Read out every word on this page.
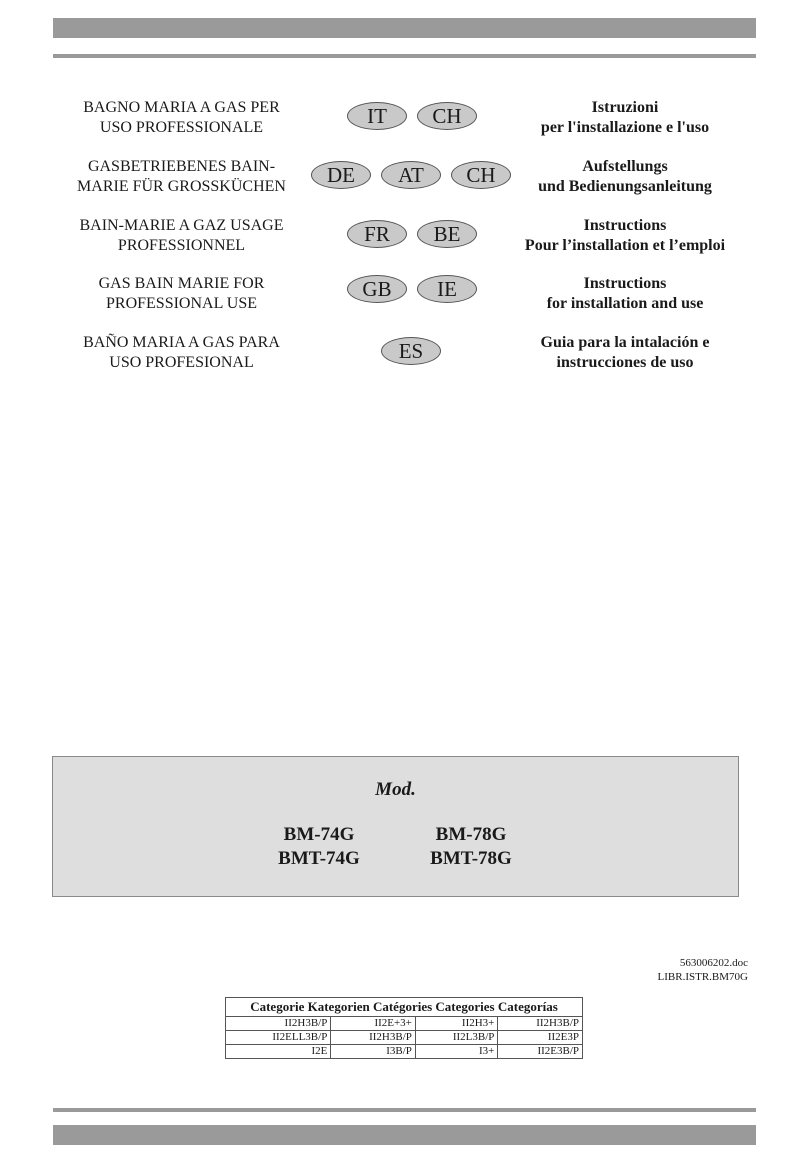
BAGNO MARIA A GAS PER
USO PROFESSIONALE	IT	CH	Istruzioni
per l'installazione e l'uso
GASBETRIEBENES BAIN-
MARIE FÜR GROSSKÜCHEN	DE	AT	CH	Aufstellungs
und Bedienungsanleitung
BAIN-MARIE A GAZ USAGE
PROFESSIONNEL	FR	BE	Instructions
Pour l’installation et l’emploi
GAS BAIN MARIE FOR
PROFESSIONAL USE
GB	IE	Instructions
for installation and use
BAÑO MARIA A GAS PARA
USO PROFESIONAL	ES	Guia para la intalación e
instrucciones de uso
Mod.
BM-74G
BMT-74G
BM-78G
BMT-78G
563006202.doc
LIBR.ISTR.BM70G
Categorie Kategorien Catégories Categories Categorías			
II2H3B/P	II2E+3+	II2H3+	II2H3B/P
II2ELL3B/P	II2H3B/P	II2L3B/P	II2E3P
I2E	I3B/P	I3+	II2E3B/P
